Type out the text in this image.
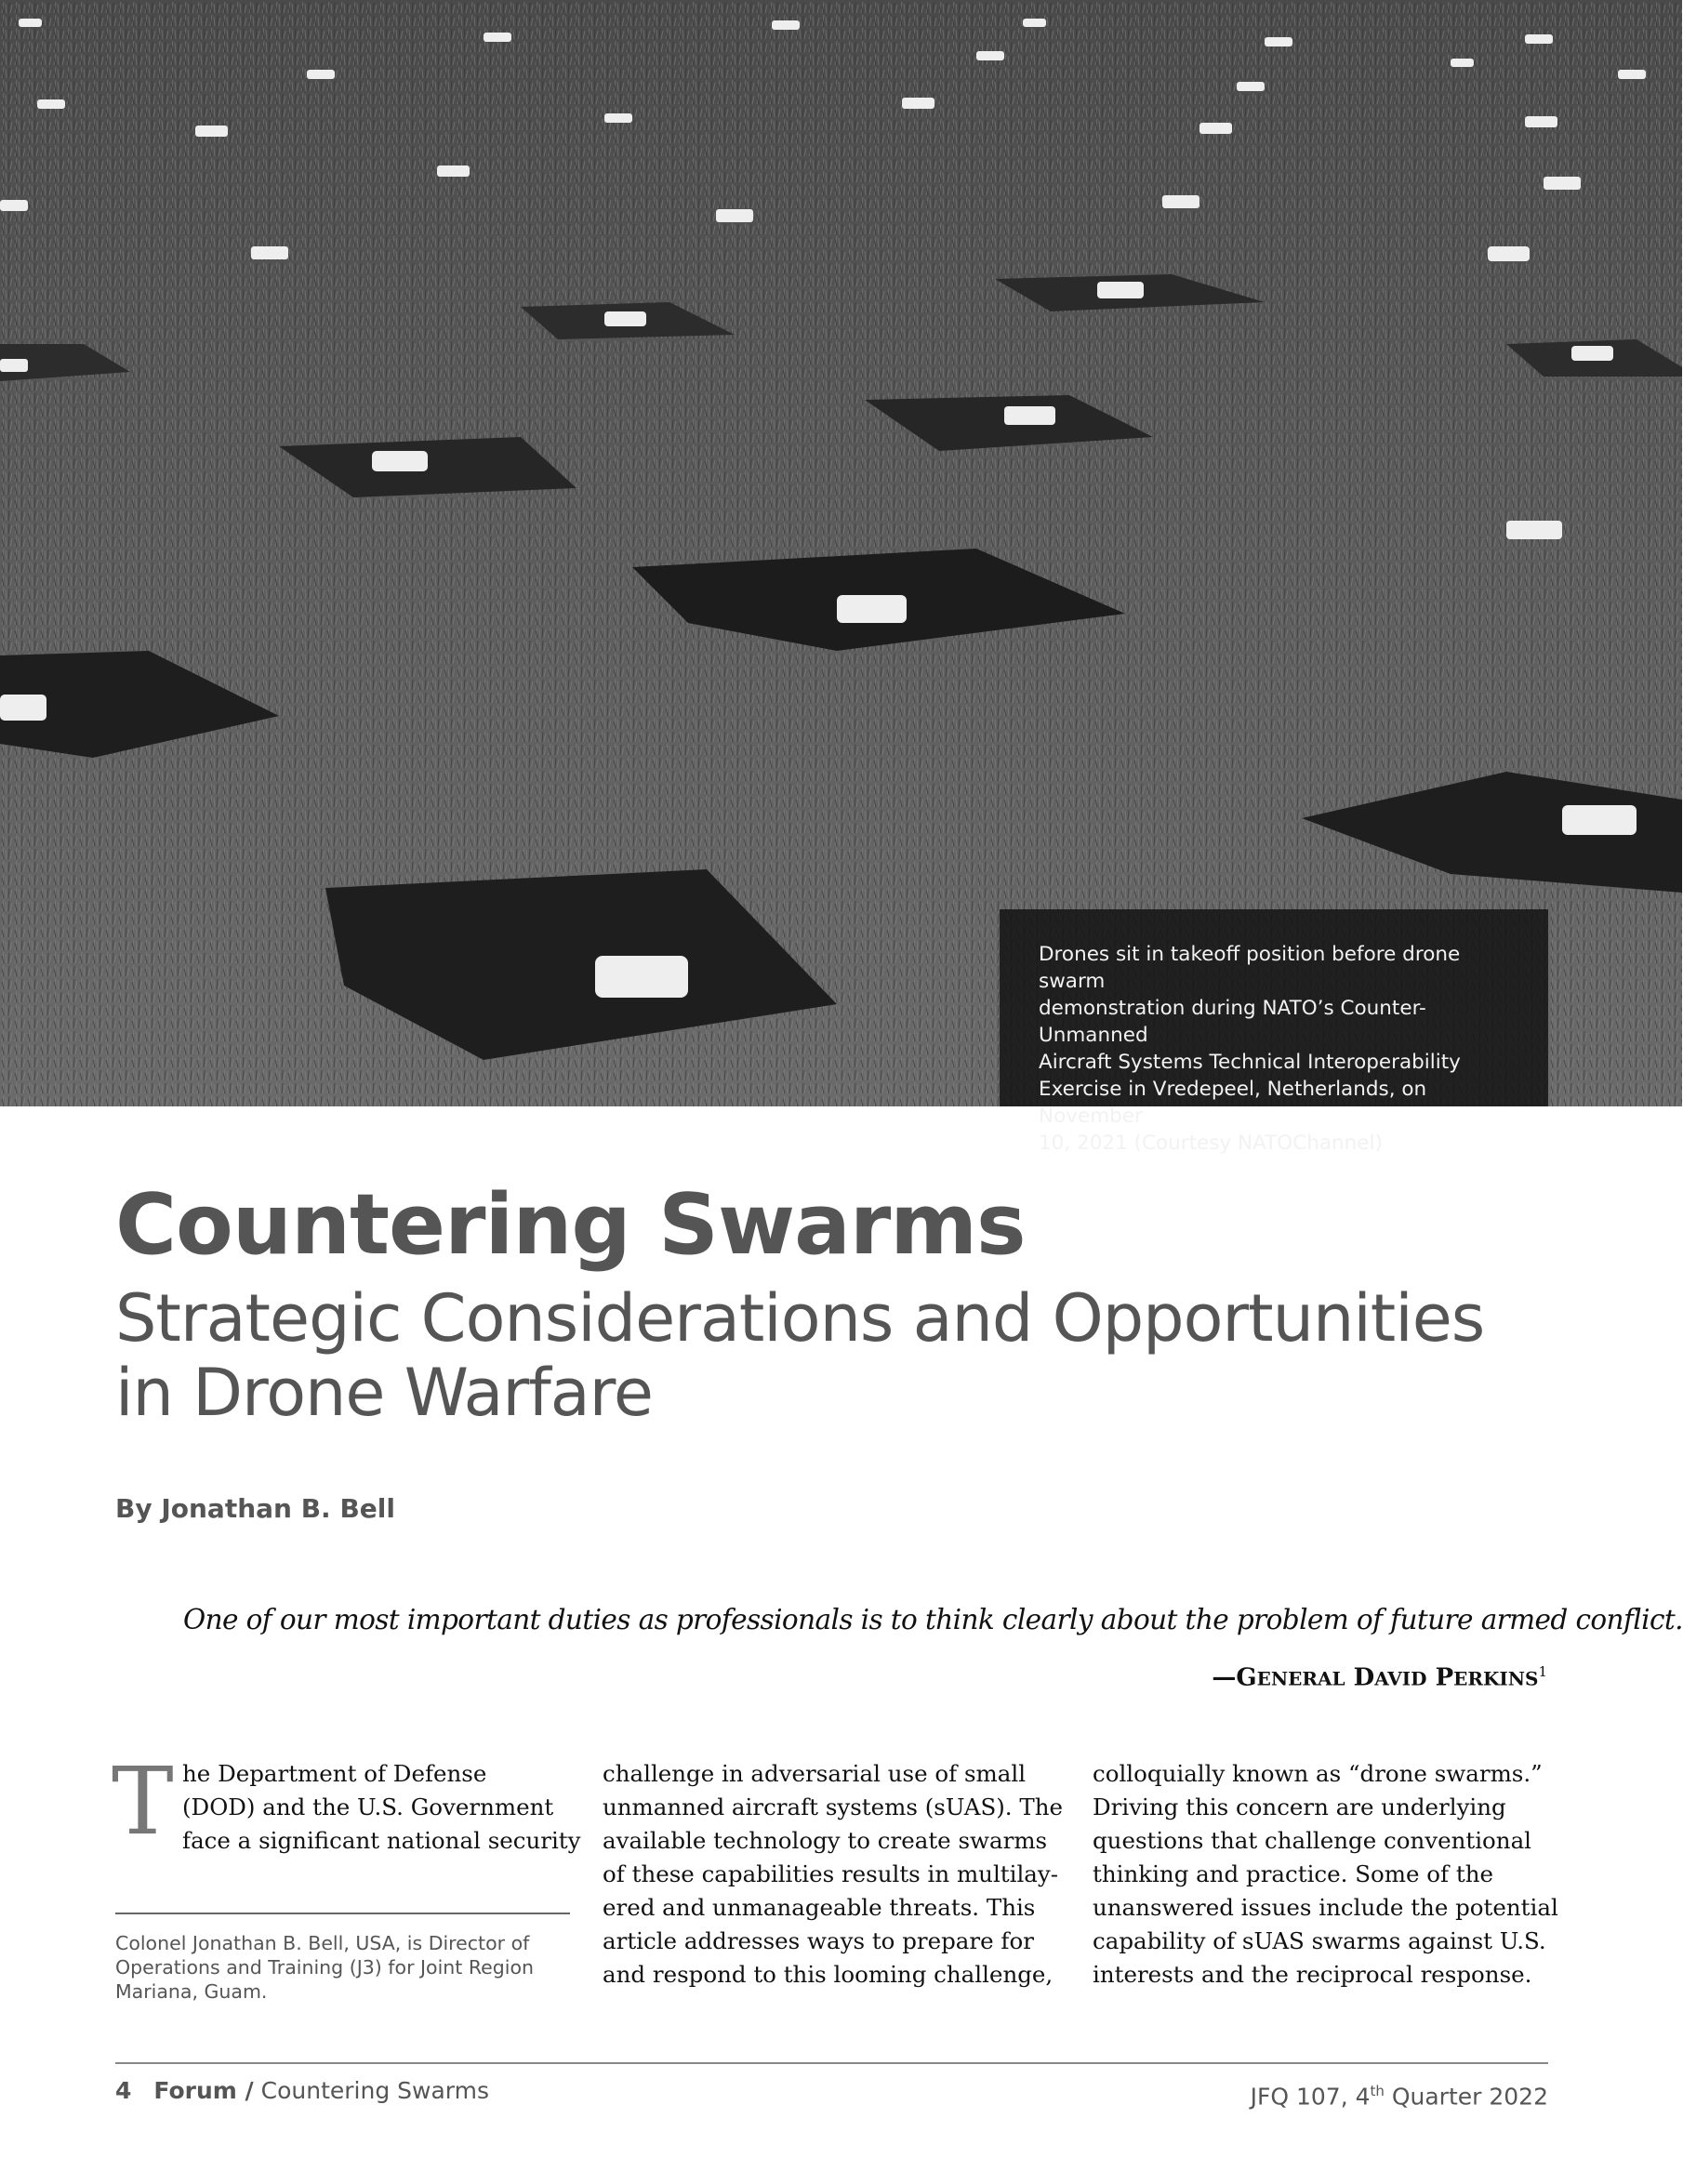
Drones sit in takeoff position before drone swarm
demonstration during NATO’s Counter-Unmanned
Aircraft Systems Technical Interoperability
Exercise in Vredepeel, Netherlands, on November
10, 2021 (Courtesy NATOChannel)
Countering Swarms
Strategic Considerations and Opportunities
in Drone Warfare
By Jonathan B. Bell
One of our most important duties as professionals is to think clearly about the problem of future armed conflict.
—GENERAL DAVID PERKINS$^1$
T he Department of Defense
(DOD) and the U.S. Government
face a significant national security
challenge in adversarial use of small
unmanned aircraft systems (sUAS). The
available technology to create swarms
of these capabilities results in multilay-
ered and unmanageable threats. This
article addresses ways to prepare for
and respond to this looming challenge,
colloquially known as “drone swarms.”
Driving this concern are underlying
questions that challenge conventional
thinking and practice. Some of the
unanswered issues include the potential
capability of sUAS swarms against U.S.
interests and the reciprocal response.
Colonel Jonathan B. Bell, USA, is Director of
Operations and Training (J3) for Joint Region
Mariana, Guam.
4 Forum / Countering Swarms	JFQ 107, 4th Quarter 2022
